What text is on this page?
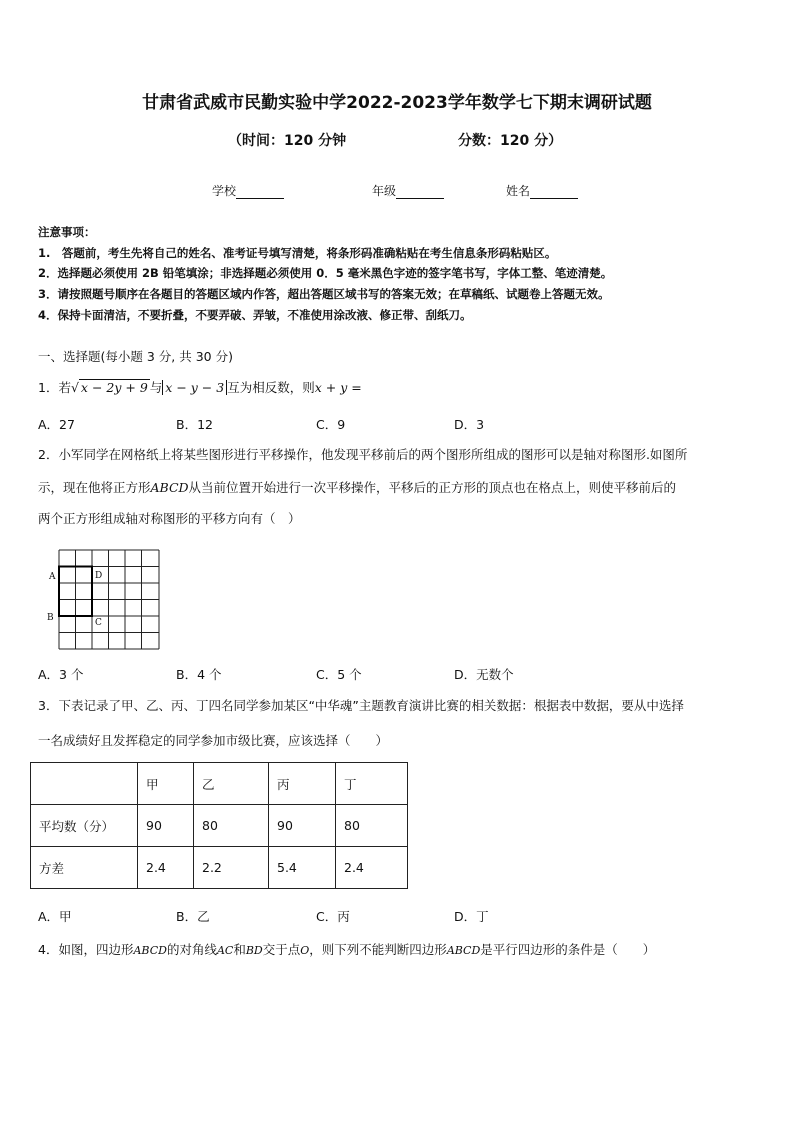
甘肃省武威市民勤实验中学2022-2023学年数学七下期末调研试题
（时间：120 分钟	分数：120 分）
学校	年级	姓名
注意事项：
1.　答题前，考生先将自己的姓名、准考证号填写清楚，将条形码准确粘贴在考生信息条形码粘贴区。
2．选择题必须使用 2B 铅笔填涂；非选择题必须使用 0．5 毫米黑色字迹的签字笔书写，字体工整、笔迹清楚。
3．请按照题号顺序在各题目的答题区域内作答，超出答题区域书写的答案无效；在草稿纸、试题卷上答题无效。
4．保持卡面清洁，不要折叠，不要弄破、弄皱，不准使用涂改液、修正带、刮纸刀。
一、选择题(每小题 3 分, 共 30 分)
1．若√ x − 2y + 9 与 x − y − 3 互为相反数，则x + y =
A．27	B．12	C．9	D．3
2．小军同学在网格纸上将某些图形进行平移操作，他发现平移前后的两个图形所组成的图形可以是轴对称图形.如图所
示，现在他将正方形ABCD从当前位置开始进行一次平移操作，平移后的正方形的顶点也在格点上，则使平移前后的
两个正方形组成轴对称图形的平移方向有（　）
A
B	C
D
A．3 个	B．4 个	C．5 个	D．无数个
3．下表记录了甲、乙、丙、丁四名同学参加某区“中华魂”主题教育演讲比赛的相关数据：根据表中数据，要从中选择
一名成绩好且发挥稳定的同学参加市级比赛，应该选择（　　）
	甲	乙	丙	丁
平均数（分）	90	80	90	80
方差	2.4	2.2	5.4	2.4
A．甲	B．乙	C．丙	D．丁
4．如图，四边形ABCD的对角线AC和BD交于点O，则下列不能判断四边形ABCD是平行四边形的条件是（　　）
